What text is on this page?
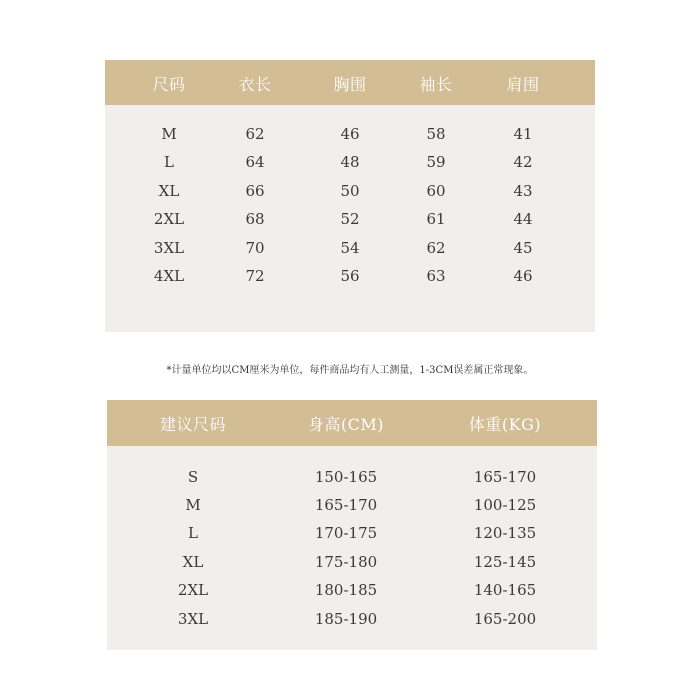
尺码	衣长	胸围	袖长	肩围
M	62	46	58	41
L	64	48	59	42
XL	66	50	60	43
2XL	68	52	61	44
3XL	70	54	62	45
4XL	72	56	63	46
*计量单位均以CM厘米为单位，每件商品均有人工测量，1-3CM误差属正常现象。
建议尺码	身高(CM)	体重(KG)
S	150-165	165-170
M	165-170	100-125
L	170-175	120-135
XL	175-180	125-145
2XL	180-185	140-165
3XL	185-190	165-200
